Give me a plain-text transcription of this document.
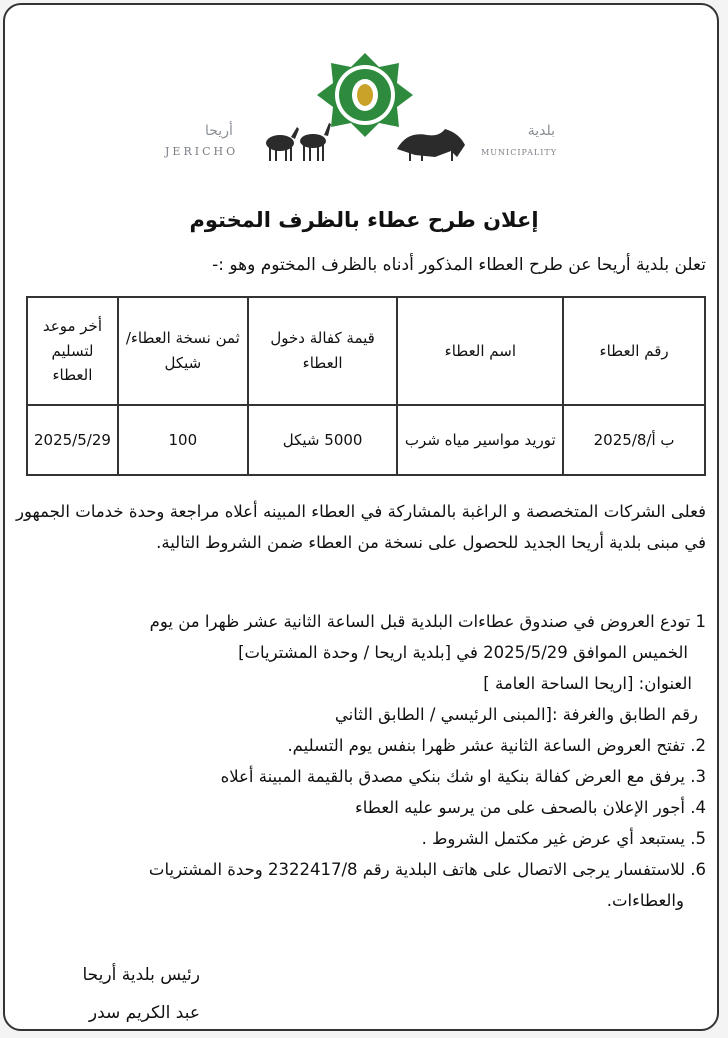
أريحا
JERICHO
بلدية
MUNICIPALITY
إعلان طرح عطاء بالظرف المختوم
تعلن بلدية أريحا عن طرح العطاء المذكور أدناه بالظرف المختوم وهو :-
رقم العطاء	اسم العطاء	قيمة كفالة دخول العطاء	ثمن نسخة العطاء/ شيكل	أخر موعد لتسليم العطاء
ب أ/2025/8	توريد مواسير مياه شرب	5000 شيكل	100	2025/5/29
فعلى الشركات المتخصصة و الراغبة بالمشاركة في العطاء المبينه أعلاه مراجعة وحدة خدمات الجمهور في مبنى بلدية أريحا الجديد للحصول على نسخة من العطاء ضمن الشروط التالية.
1 تودع العروض في صندوق عطاءات البلدية قبل الساعة الثانية عشر ظهرا من يوم
الخميس الموافق 2025/5/29 في [بلدية اريحا / وحدة المشتريات]
العنوان: [اريحا الساحة العامة ]
رقم الطابق والغرفة :[المبنى الرئيسي / الطابق الثاني
2. تفتح العروض الساعة الثانية عشر ظهرا بنفس يوم التسليم.
3. يرفق مع العرض كفالة بنكية او شك بنكي مصدق بالقيمة المبينة أعلاه
4. أجور الإعلان بالصحف على من يرسو عليه العطاء
5. يستبعد أي عرض غير مكتمل الشروط .
6. للاستفسار يرجى الاتصال على هاتف البلدية رقم 2322417/8 وحدة المشتريات
والعطاءات.
رئيس بلدية أريحا
عبد الكريم سدر
